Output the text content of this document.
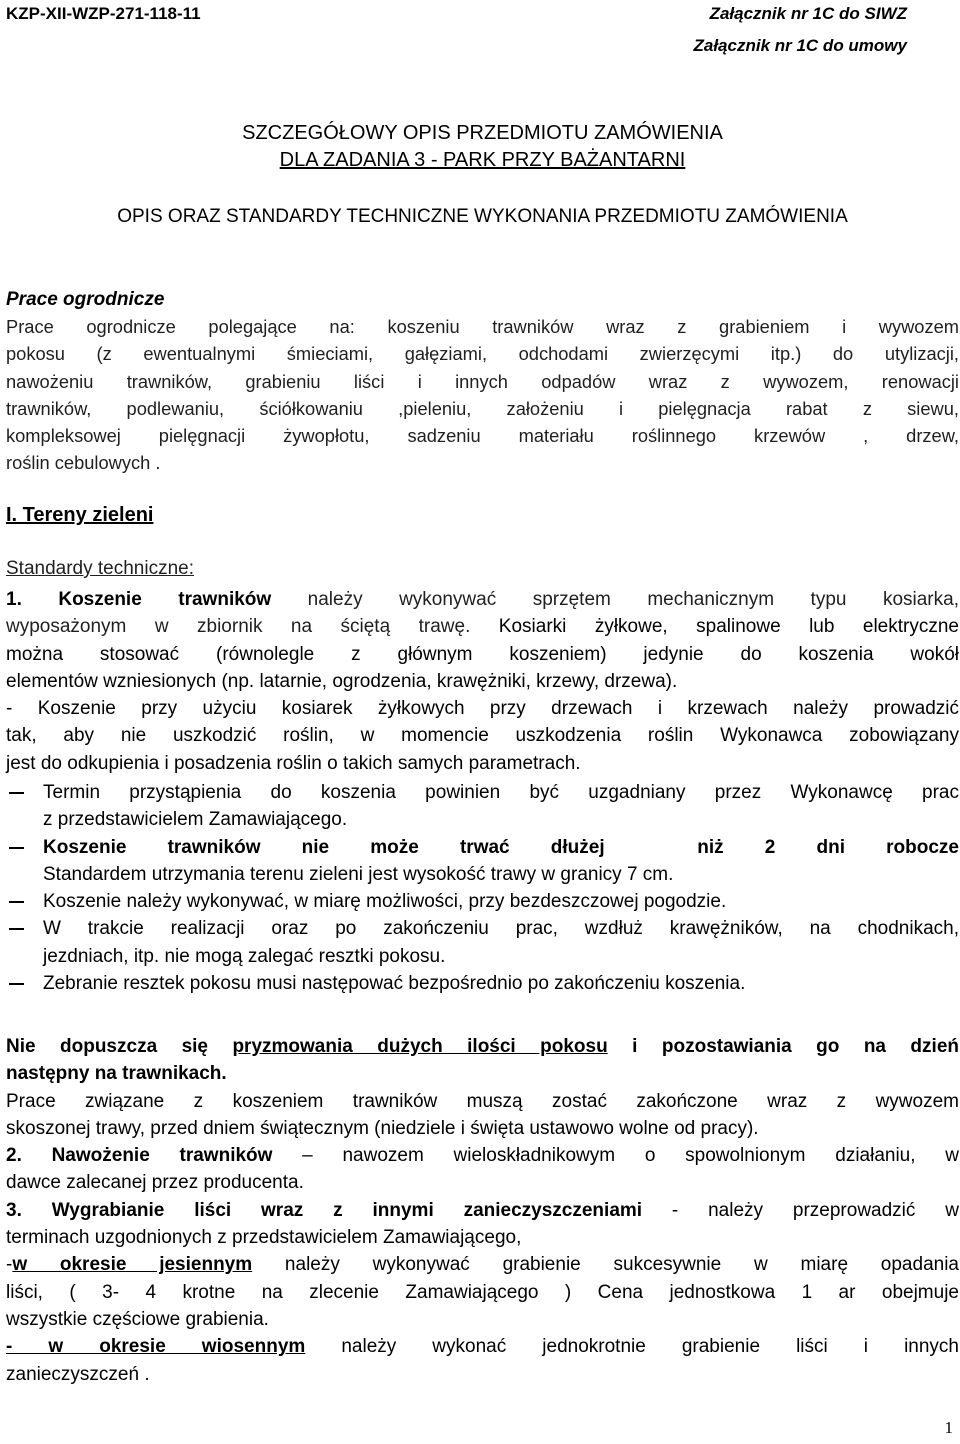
KZP-XII-WZP-271-118-11	Załącznik nr 1C do SIWZ
Załącznik nr 1C do umowy
SZCZEGÓŁOWY OPIS PRZEDMIOTU ZAMÓWIENIA
DLA ZADANIA 3 - PARK PRZY BAŻANTARNI
OPIS ORAZ STANDARDY TECHNICZNE WYKONANIA PRZEDMIOTU ZAMÓWIENIA
Prace ogrodnicze
Prace ogrodnicze polegające na: koszeniu trawników wraz z grabieniem i wywozem
pokosu (z ewentualnymi śmieciami, gałęziami, odchodami zwierzęcymi itp.) do utylizacji,
nawożeniu trawników, grabieniu liści i innych odpadów wraz z wywozem, renowacji
trawników, podlewaniu, ściółkowaniu ,pieleniu, założeniu i pielęgnacja rabat z siewu,
kompleksowej pielęgnacji żywopłotu, sadzeniu materiału roślinnego krzewów , drzew,
roślin cebulowych .
I. Tereny zieleni
Standardy techniczne:
1. Koszenie trawników należy wykonywać sprzętem mechanicznym typu kosiarka,
wyposażonym w zbiornik na ściętą trawę. Kosiarki żyłkowe, spalinowe lub elektryczne
można stosować (równolegle z głównym koszeniem) jedynie do koszenia wokół
elementów wzniesionych (np. latarnie, ogrodzenia, krawężniki, krzewy, drzewa).
- Koszenie przy użyciu kosiarek żyłkowych przy drzewach i krzewach należy prowadzić
tak, aby nie uszkodzić roślin, w momencie uszkodzenia roślin Wykonawca zobowiązany
jest do odkupienia i posadzenia roślin o takich samych parametrach.
Termin przystąpienia do koszenia powinien być uzgadniany przez Wykonawcę prac
z przedstawicielem Zamawiającego.
Koszenie    trawników    nie    może    trwać    dłużej         niż    2    dni    robocze
Standardem utrzymania terenu zieleni jest wysokość trawy w granicy 7 cm.
Koszenie należy wykonywać, w miarę możliwości, przy bezdeszczowej pogodzie.
W trakcie realizacji oraz po zakończeniu prac, wzdłuż krawężników, na chodnikach,
jezdniach, itp. nie mogą zalegać resztki pokosu.
Zebranie resztek pokosu musi następować bezpośrednio po zakończeniu koszenia.
Nie dopuszcza się pryzmowania dużych ilości pokosu i pozostawiania go na dzień
następny na trawnikach.
Prace związane z koszeniem trawników muszą zostać zakończone wraz z wywozem
skoszonej trawy, przed dniem świątecznym (niedziele i święta ustawowo wolne od pracy).
2. Nawożenie trawników – nawozem wieloskładnikowym o spowolnionym działaniu, w
dawce zalecanej przez producenta.
3. Wygrabianie liści wraz z innymi zanieczyszczeniami - należy przeprowadzić w
terminach uzgodnionych z przedstawicielem Zamawiającego,
-w okresie jesiennym należy wykonywać grabienie sukcesywnie w miarę opadania
liści, ( 3- 4 krotne na zlecenie Zamawiającego ) Cena jednostkowa 1 ar obejmuje
wszystkie częściowe grabienia.
- w okresie wiosennym należy wykonać jednokrotnie grabienie liści i innych
zanieczyszczeń .
1
